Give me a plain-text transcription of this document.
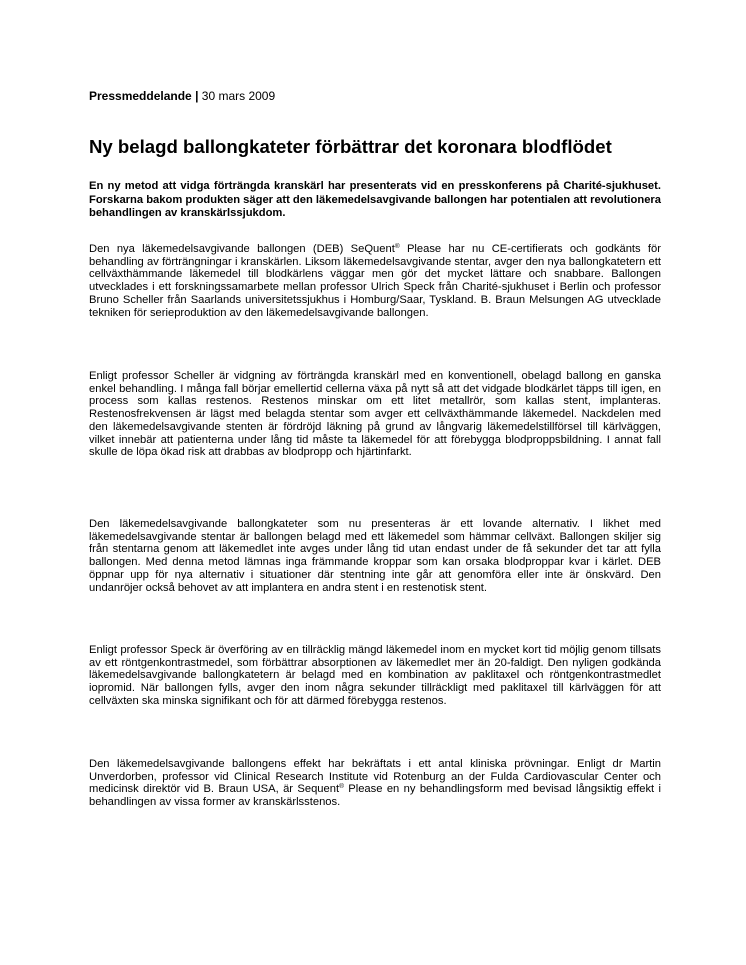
Pressmeddelande | 30 mars 2009
Ny belagd ballongkateter förbättrar det koronara blodflödet

En ny metod att vidga förträngda kranskärl har presenterats vid en presskonferens på Charité-sjukhuset. Forskarna bakom produkten säger att den läkemedelsavgivande ballongen har potentialen att revolutionera behandlingen av kranskärlssjukdom.

Den nya läkemedelsavgivande ballongen (DEB) SeQuent® Please har nu CE-certifierats och godkänts för behandling av förträngningar i kranskärlen. Liksom läkemedelsavgivande stentar, avger den nya ballongkatetern ett cellväxthämmande läkemedel till blodkärlens väggar men gör det mycket lättare och snabbare. Ballongen utvecklades i ett forskningssamarbete mellan professor Ulrich Speck från Charité-sjukhuset i Berlin och professor Bruno Scheller från Saarlands universitetssjukhus i Homburg/Saar, Tyskland. B. Braun Melsungen AG utvecklade tekniken för serieproduktion av den läkemedelsavgivande ballongen.

Enligt professor Scheller är vidgning av förträngda kranskärl med en konventionell, obelagd ballong en ganska enkel behandling. I många fall börjar emellertid cellerna växa på nytt så att det vidgade blodkärlet täpps till igen, en process som kallas restenos. Restenos minskar om ett litet metallrör, som kallas stent, implanteras. Restenosfrekvensen är lägst med belagda stentar som avger ett cellväxthämmande läkemedel. Nackdelen med den läkemedelsavgivande stenten är fördröjd läkning på grund av långvarig läkemedelstillförsel till kärlväggen, vilket innebär att patienterna under lång tid måste ta läkemedel för att förebygga blodproppsbildning. I annat fall skulle de löpa ökad risk att drabbas av blodpropp och hjärtinfarkt.

Den läkemedelsavgivande ballongkateter som nu presenteras är ett lovande alternativ. I likhet med läkemedelsavgivande stentar är ballongen belagd med ett läkemedel som hämmar cellväxt. Ballongen skiljer sig från stentarna genom att läkemedlet inte avges under lång tid utan endast under de få sekunder det tar att fylla ballongen. Med denna metod lämnas inga främmande kroppar som kan orsaka blodproppar kvar i kärlet. DEB öppnar upp för nya alternativ i situationer där stentning inte går att genomföra eller inte är önskvärd. Den undanröjer också behovet av att implantera en andra stent i en restenotisk stent.

Enligt professor Speck är överföring av en tillräcklig mängd läkemedel inom en mycket kort tid möjlig genom tillsats av ett röntgenkontrastmedel, som förbättrar absorptionen av läkemedlet mer än 20-faldigt. Den nyligen godkända läkemedelsavgivande ballongkatetern är belagd med en kombination av paklitaxel och röntgenkontrastmedlet iopromid. När ballongen fylls, avger den inom några sekunder tillräckligt med paklitaxel till kärlväggen för att cellväxten ska minska signifikant och för att därmed förebygga restenos.

Den läkemedelsavgivande ballongens effekt har bekräftats i ett antal kliniska prövningar. Enligt dr Martin Unverdorben, professor vid Clinical Research Institute vid Rotenburg an der Fulda Cardiovascular Center och medicinsk direktör vid B. Braun USA, är Sequent® Please en ny behandlingsform med bevisad långsiktig effekt i behandlingen av vissa former av kranskärlsstenos.
